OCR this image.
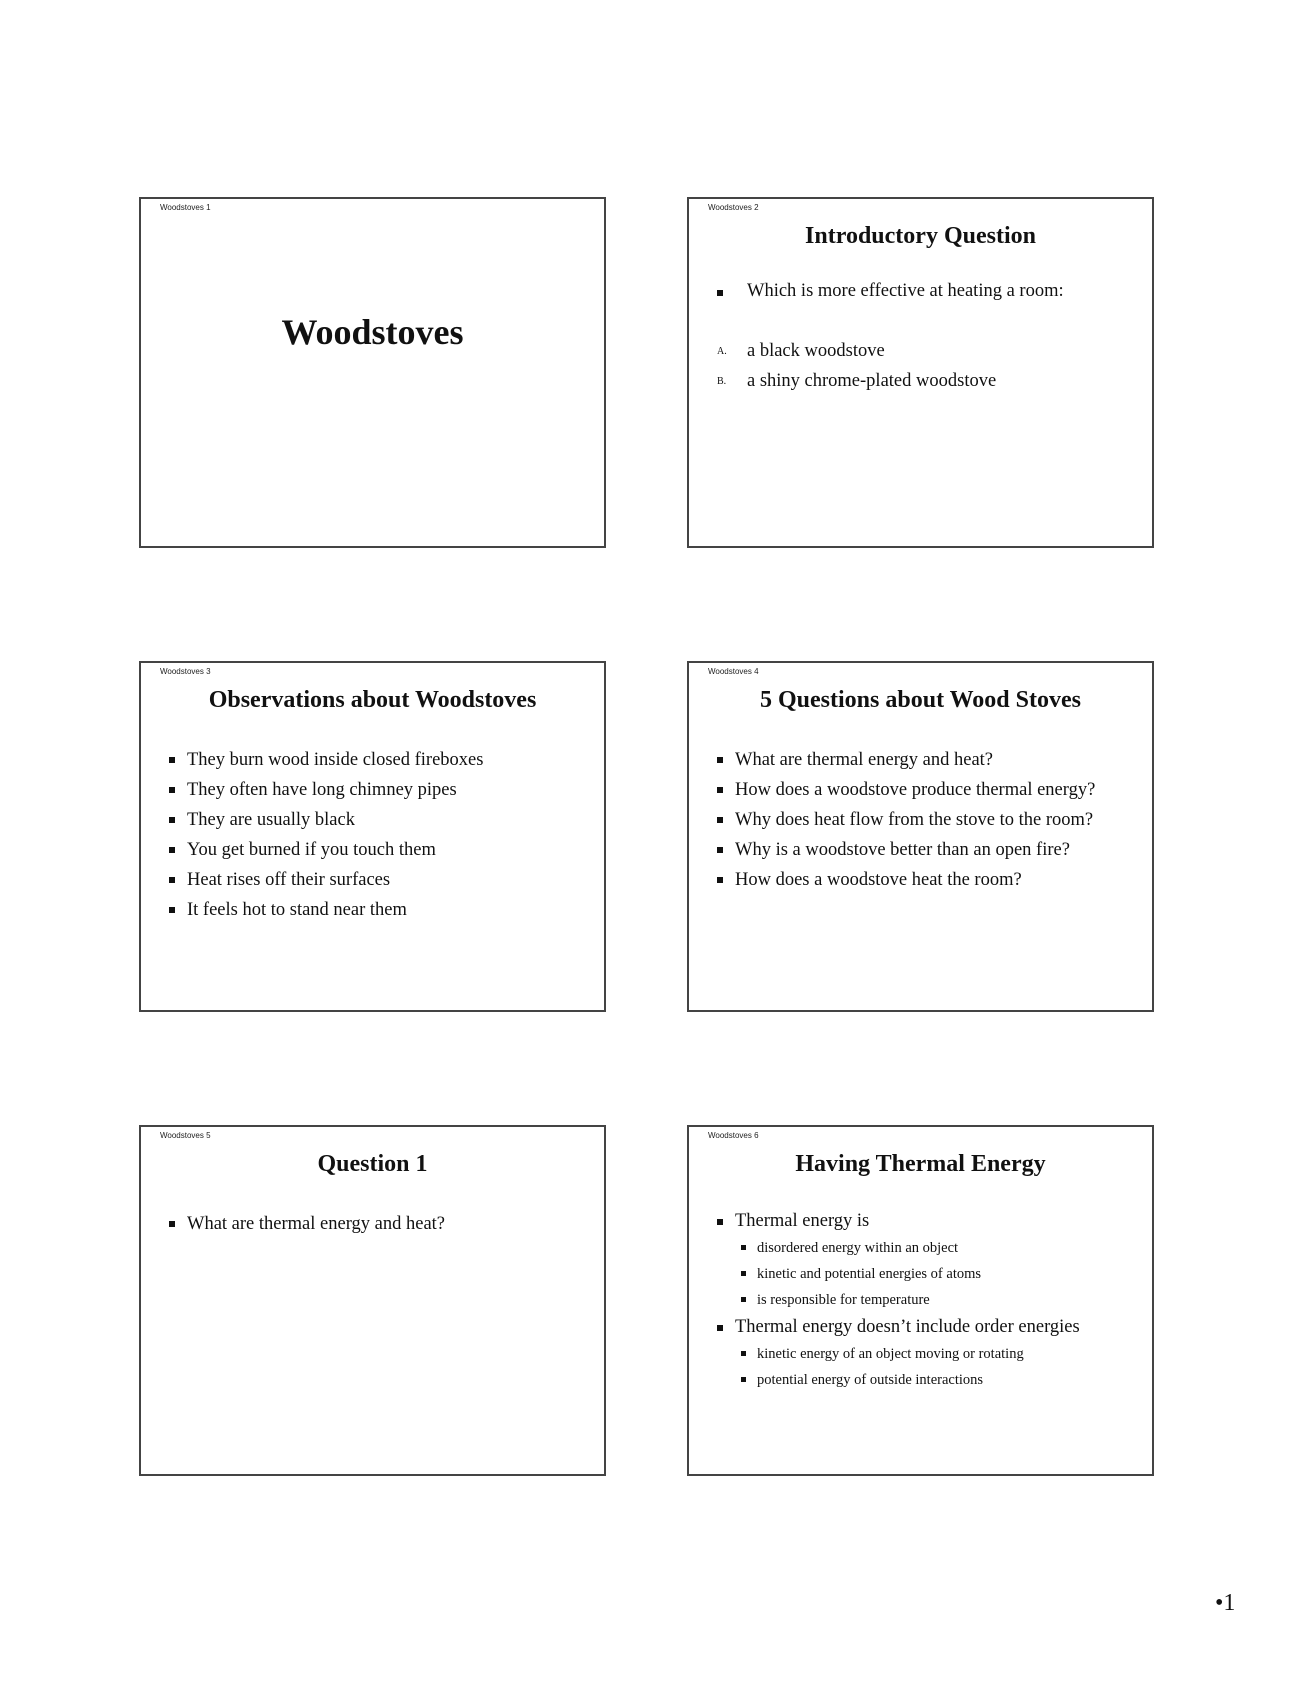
Woodstoves 1
Woodstoves
Woodstoves 2
Introductory Question
Which is more effective at heating a room:
A. a black woodstove
B. a shiny chrome-plated woodstove
Woodstoves 3
Observations about Woodstoves
They burn wood inside closed fireboxes
They often have long chimney pipes
They are usually black
You get burned if you touch them
Heat rises off their surfaces
It feels hot to stand near them
Woodstoves 4
5 Questions about Wood Stoves
What are thermal energy and heat?
How does a woodstove produce thermal energy?
Why does heat flow from the stove to the room?
Why is a woodstove better than an open fire?
How does a woodstove heat the room?
Woodstoves 5
Question 1
What are thermal energy and heat?
Woodstoves 6
Having Thermal Energy
Thermal energy is
disordered energy within an object
kinetic and potential energies of atoms
is responsible for temperature
Thermal energy doesn’t include order energies
kinetic energy of an object moving or rotating
potential energy of outside interactions
•1
